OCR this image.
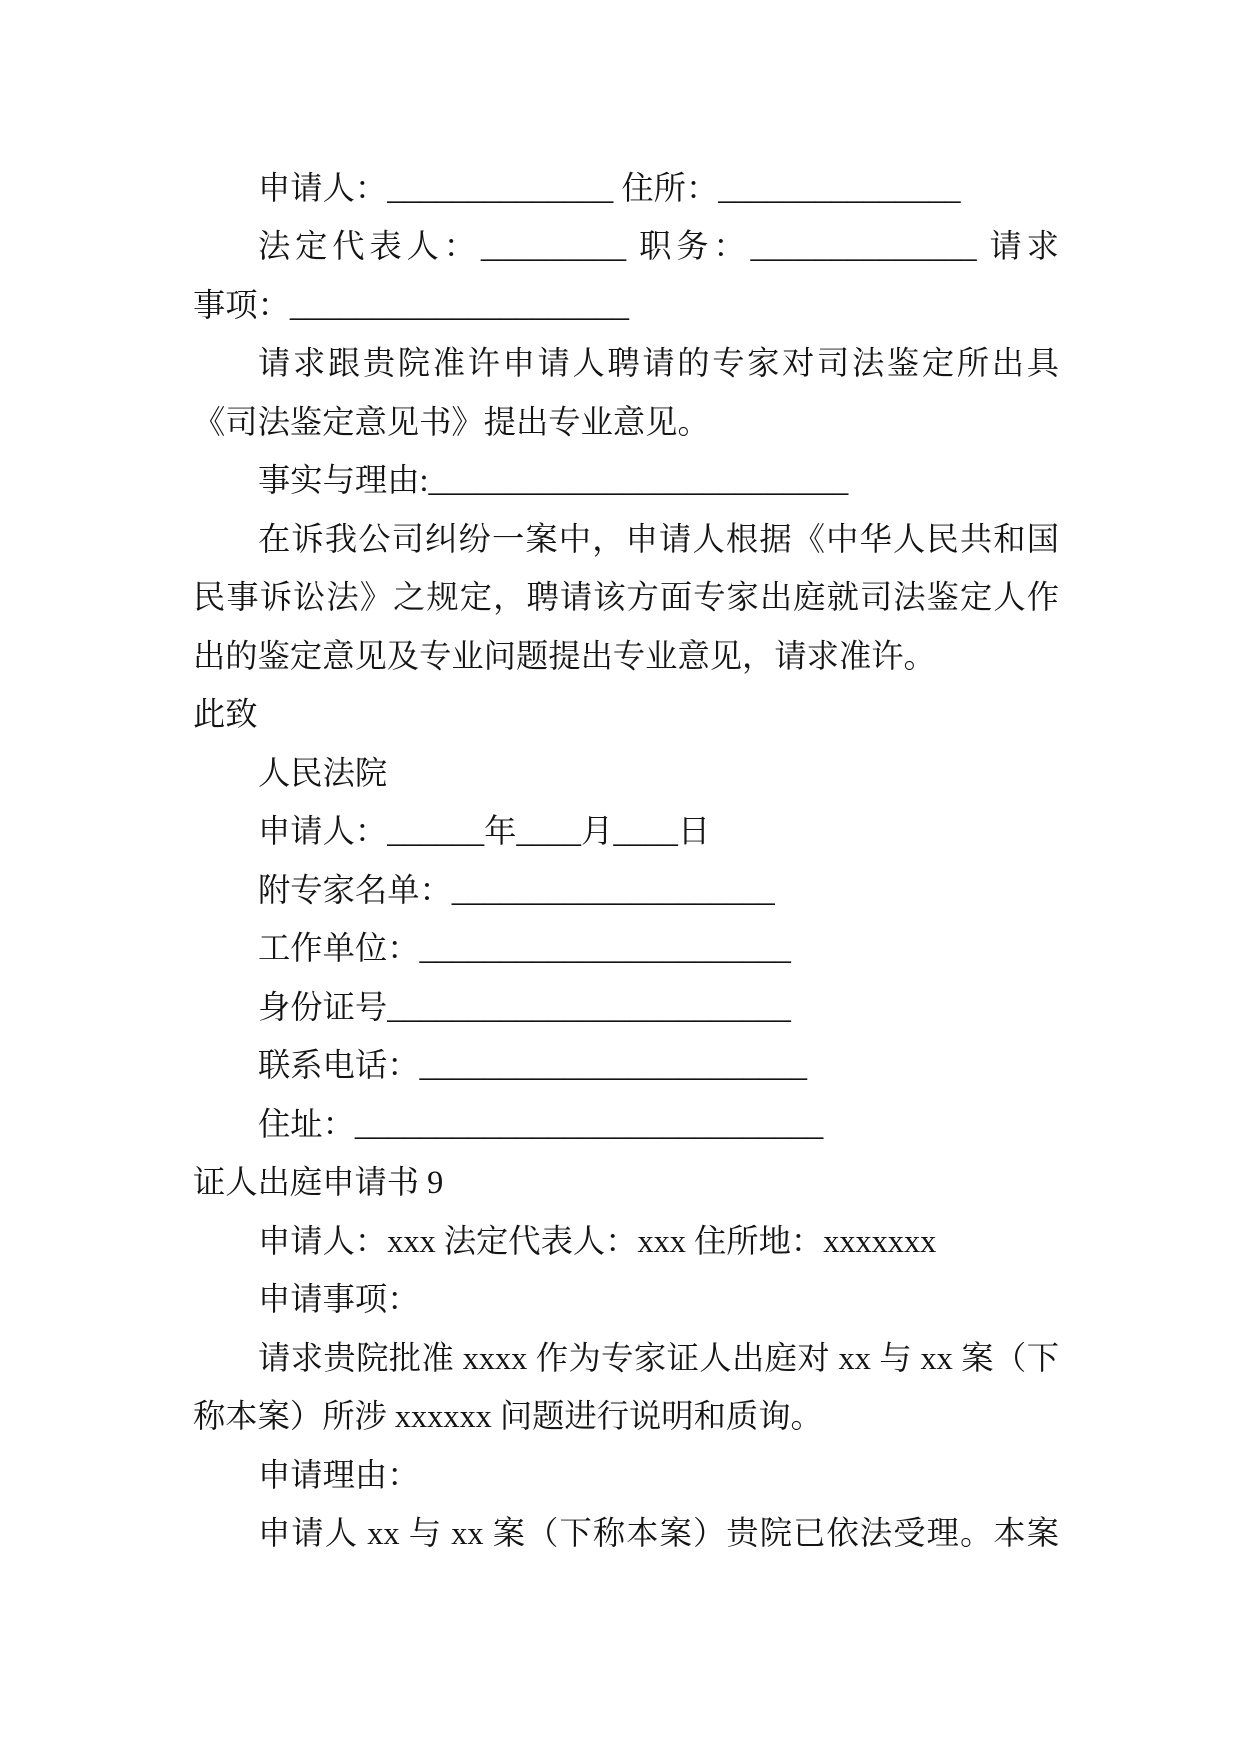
申请人：______________ 住所：_______________
法定代表人：_________ 职务：______________ 请求
事项：_____________________
请求跟贵院准许申请人聘请的专家对司法鉴定所出具
《司法鉴定意见书》提出专业意见。
事实与理由:__________________________
在诉我公司纠纷一案中，申请人根据《中华人民共和国
民事诉讼法》之规定，聘请该方面专家出庭就司法鉴定人作
出的鉴定意见及专业问题提出专业意见，请求准许。
此致
人民法院
申请人：______年____月____日
附专家名单：____________________
工作单位：_______________________
身份证号_________________________
联系电话：________________________
住址：_____________________________
证人出庭申请书 9
申请人：xxx 法定代表人：xxx 住所地：xxxxxxx
申请事项：
请求贵院批准 xxxx 作为专家证人出庭对 xx 与 xx 案（下
称本案）所涉 xxxxxx 问题进行说明和质询。
申请理由：
申请人 xx 与 xx 案（下称本案）贵院已依法受理。本案
